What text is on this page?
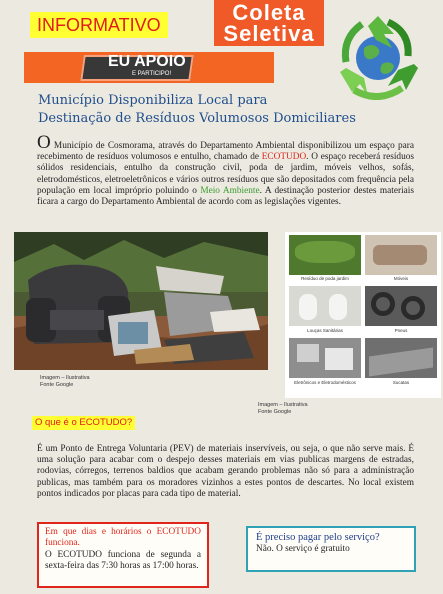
INFORMATIVO	Coleta
Seletiva
EU APOIO
E PARTICIPO!
Município Disponibiliza Local para
Destinação de Resíduos Volumosos Domiciliares
O Município de Cosmorama, através do Departamento Ambiental disponibilizou um espaço para recebimento de resíduos volumosos e entulho, chamado de ECOTUDO. O espaço receberá resíduos sólidos residenciais, entulho da construção civil, poda de jardim, móveis velhos, sofás, eletrodomésticos, eletroeletrônicos e vários outros resíduos que são depositados com frequência pela população em local impróprio poluindo o Meio Ambiente. A destinação posterior destes materiais ficara a cargo do Departamento Ambiental de acordo com as legislações vigentes.
Imagem – Ilustrativa
Fonte Google
Resíduo de poda jardim	Móveis
Louças Sanitárias	Pneus
Eletrônicos e Eletrodomésticos	Sucatas
Imagem – Ilustrativa
Fonte Google
O que é o ECOTUDO?
É um Ponto de Entrega Voluntaria (PEV) de materiais inservíveis, ou seja, o que não serve mais. É uma solução para acabar com o despejo desses materiais em vias publicas margens de estradas, rodovias, córregos, terrenos baldios que acabam gerando problemas não só para a administração publicas, mas também para os moradores vizinhos a estes pontos de descartes. No local existem pontos indicados por placas para cada tipo de material.
Em que dias e horários o ECOTUDO funciona.
O ECOTUDO funciona de segunda a sexta-feira das 7:30 horas as 17:00 horas.
É preciso pagar pelo serviço?
Não. O serviço é gratuito
